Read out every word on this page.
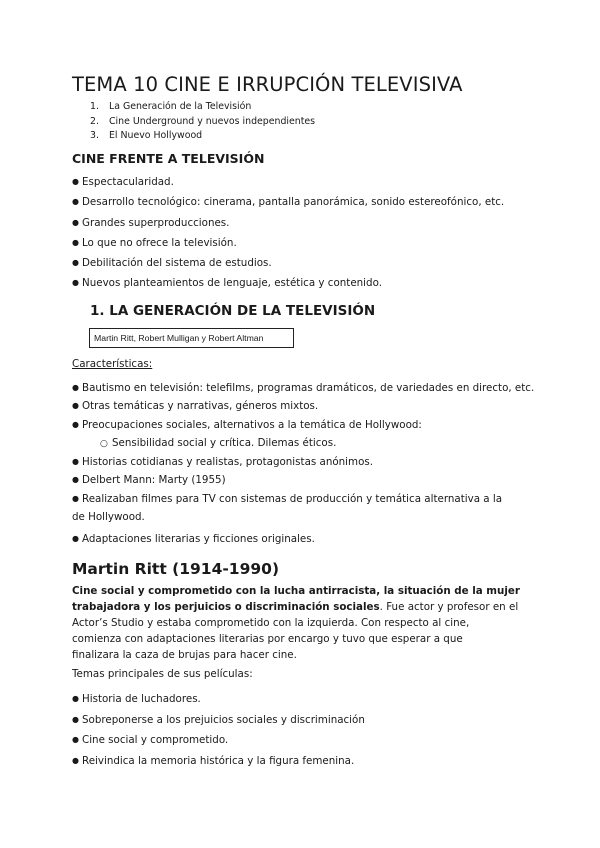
TEMA 10 CINE E IRRUPCIÓN TELEVISIVA
1. La Generación de la Televisión
2. Cine Underground y nuevos independientes
3. El Nuevo Hollywood
CINE FRENTE A TELEVISIÓN
● Espectacularidad.
● Desarrollo tecnológico: cinerama, pantalla panorámica, sonido estereofónico, etc.
● Grandes superproducciones.
● Lo que no ofrece la televisión.
● Debilitación del sistema de estudios.
● Nuevos planteamientos de lenguaje, estética y contenido.
1. LA GENERACIÓN DE LA TELEVISIÓN
Martin Ritt, Robert Mulligan y Robert Altman
Características:
● Bautismo en televisión: telefilms, programas dramáticos, de variedades en directo, etc.
● Otras temáticas y narrativas, géneros mixtos.
● Preocupaciones sociales, alternativos a la temática de Hollywood:
○ Sensibilidad social y crítica. Dilemas éticos.
● Historias cotidianas y realistas, protagonistas anónimos.
● Delbert Mann: Marty (1955)
● Realizaban filmes para TV con sistemas de producción y temática alternativa a la
de Hollywood.
● Adaptaciones literarias y ficciones originales.
Martin Ritt (1914-1990)

Cine social y comprometido con la lucha antirracista, la situación de la mujer
trabajadora y los perjuicios o discriminación sociales. Fue actor y profesor en el
Actor’s Studio y estaba comprometido con la izquierda. Con respecto al cine,
comienza con adaptaciones literarias por encargo y tuvo que esperar a que
finalizara la caza de brujas para hacer cine.

Temas principales de sus películas:
● Historia de luchadores.
● Sobreponerse a los prejuicios sociales y discriminación
● Cine social y comprometido.
● Reivindica la memoria histórica y la figura femenina.
